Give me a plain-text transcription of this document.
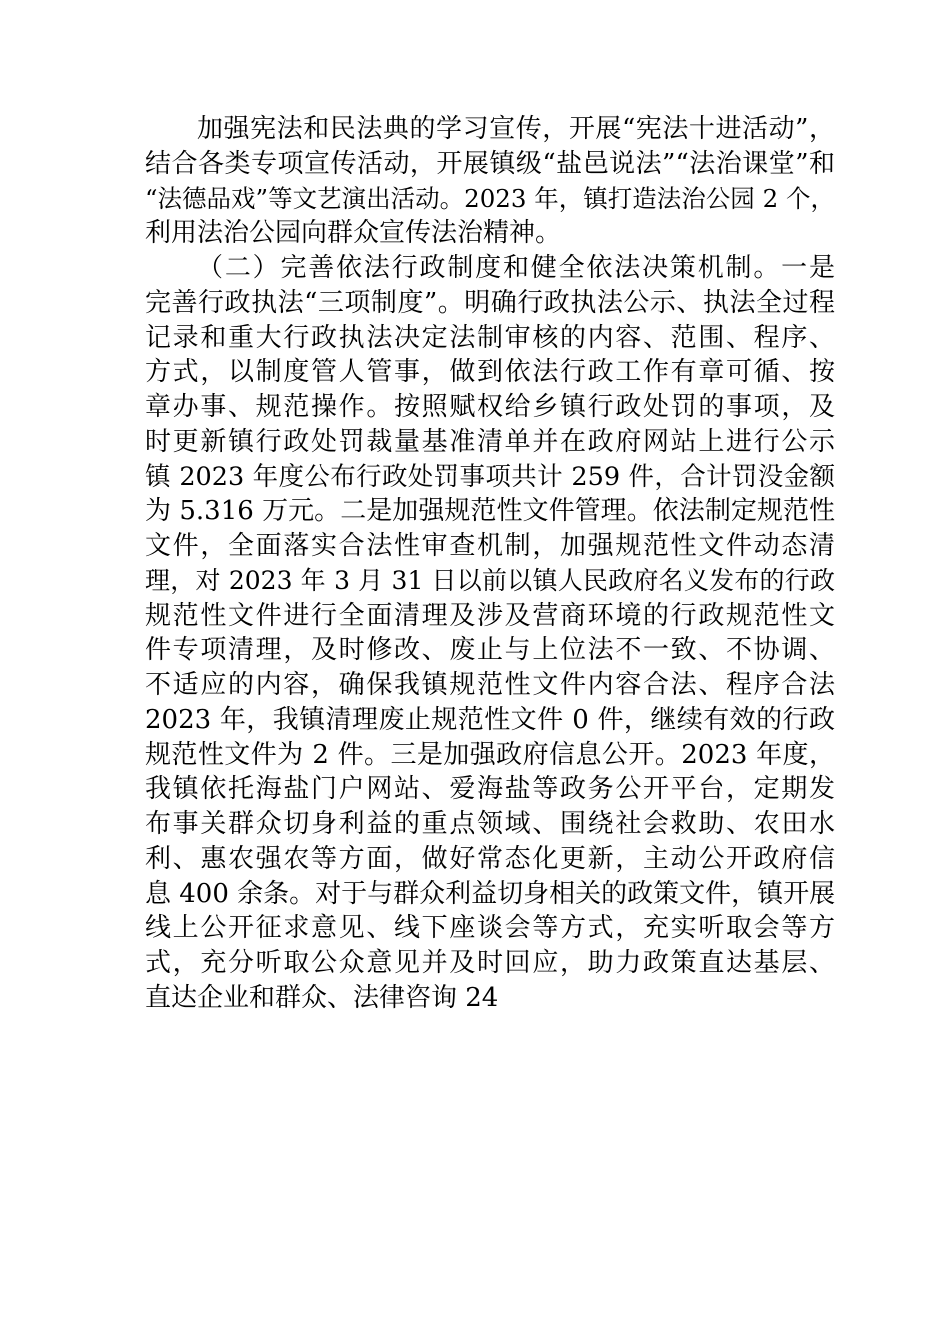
加强宪法和民法典的学习宣传，开展“宪法十进活动”，
结合各类专项宣传活动，开展镇级“盐邑说法”“法治课堂”和
“法德品戏”等文艺演出活动。2023 年，镇打造法治公园 2 个，
利用法治公园向群众宣传法治精神。
（二）完善依法行政制度和健全依法决策机制。一是
完善行政执法“三项制度”。明确行政执法公示、执法全过程
记录和重大行政执法决定法制审核的内容、范围、程序、
方式，以制度管人管事，做到依法行政工作有章可循、按
章办事、规范操作。按照赋权给乡镇行政处罚的事项，及
时更新镇行政处罚裁量基准清单并在政府网站上进行公示
镇 2023 年度公布行政处罚事项共计 259 件，合计罚没金额
为 5.316 万元。二是加强规范性文件管理。依法制定规范性
文件，全面落实合法性审查机制，加强规范性文件动态清
理，对 2023 年 3 月 31 日以前以镇人民政府名义发布的行政
规范性文件进行全面清理及涉及营商环境的行政规范性文
件专项清理，及时修改、废止与上位法不一致、不协调、
不适应的内容，确保我镇规范性文件内容合法、程序合法
2023 年，我镇清理废止规范性文件 0 件，继续有效的行政
规范性文件为 2 件。三是加强政府信息公开。2023 年度，
我镇依托海盐门户网站、爱海盐等政务公开平台，定期发
布事关群众切身利益的重点领域、围绕社会救助、农田水
利、惠农强农等方面，做好常态化更新，主动公开政府信
息 400 余条。对于与群众利益切身相关的政策文件，镇开展
线上公开征求意见、线下座谈会等方式，充实听取会等方
式，充分听取公众意见并及时回应，助力政策直达基层、
直达企业和群众、法律咨询 24
